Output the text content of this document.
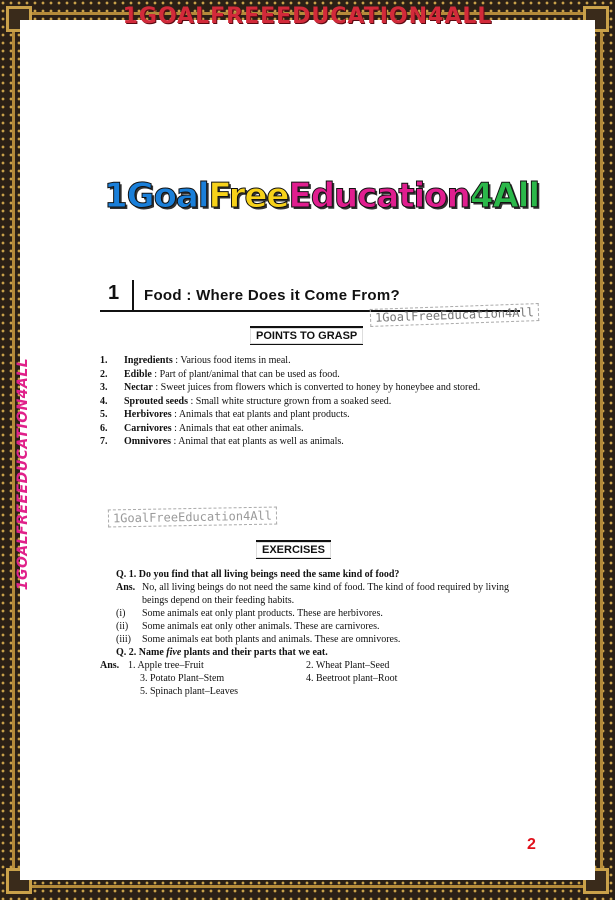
1GOALFREEEDUCATION4ALL
1GOALFREEEDUCATION4ALL
1GoalFreeEducation4All
1 Food : Where Does it Come From?
1GoalFreeEducation4All
POINTS TO GRASP
1. Ingredients : Various food items in meal.
2. Edible : Part of plant/animal that can be used as food.
3. Nectar : Sweet juices from flowers which is converted to honey by honeybee and stored.
4. Sprouted seeds : Small white structure grown from a soaked seed.
5. Herbivores : Animals that eat plants and plant products.
6. Carnivores : Animals that eat other animals.
7. Omnivores : Animal that eat plants as well as animals.
1GoalFreeEducation4All
EXERCISES
Q. 1. Do you find that all living beings need the same kind of food?
Ans. No, all living beings do not need the same kind of food. The kind of food required by living beings depend on their feeding habits.
(i) Some animals eat only plant products. These are herbivores.
(ii) Some animals eat only other animals. These are carnivores.
(iii) Some animals eat both plants and animals. These are omnivores.
Q. 2. Name five plants and their parts that we eat.
Ans. 1. Apple tree–Fruit	2. Wheat Plant–Seed
3. Potato Plant–Stem	4. Beetroot plant–Root
5. Spinach plant–Leaves
2
